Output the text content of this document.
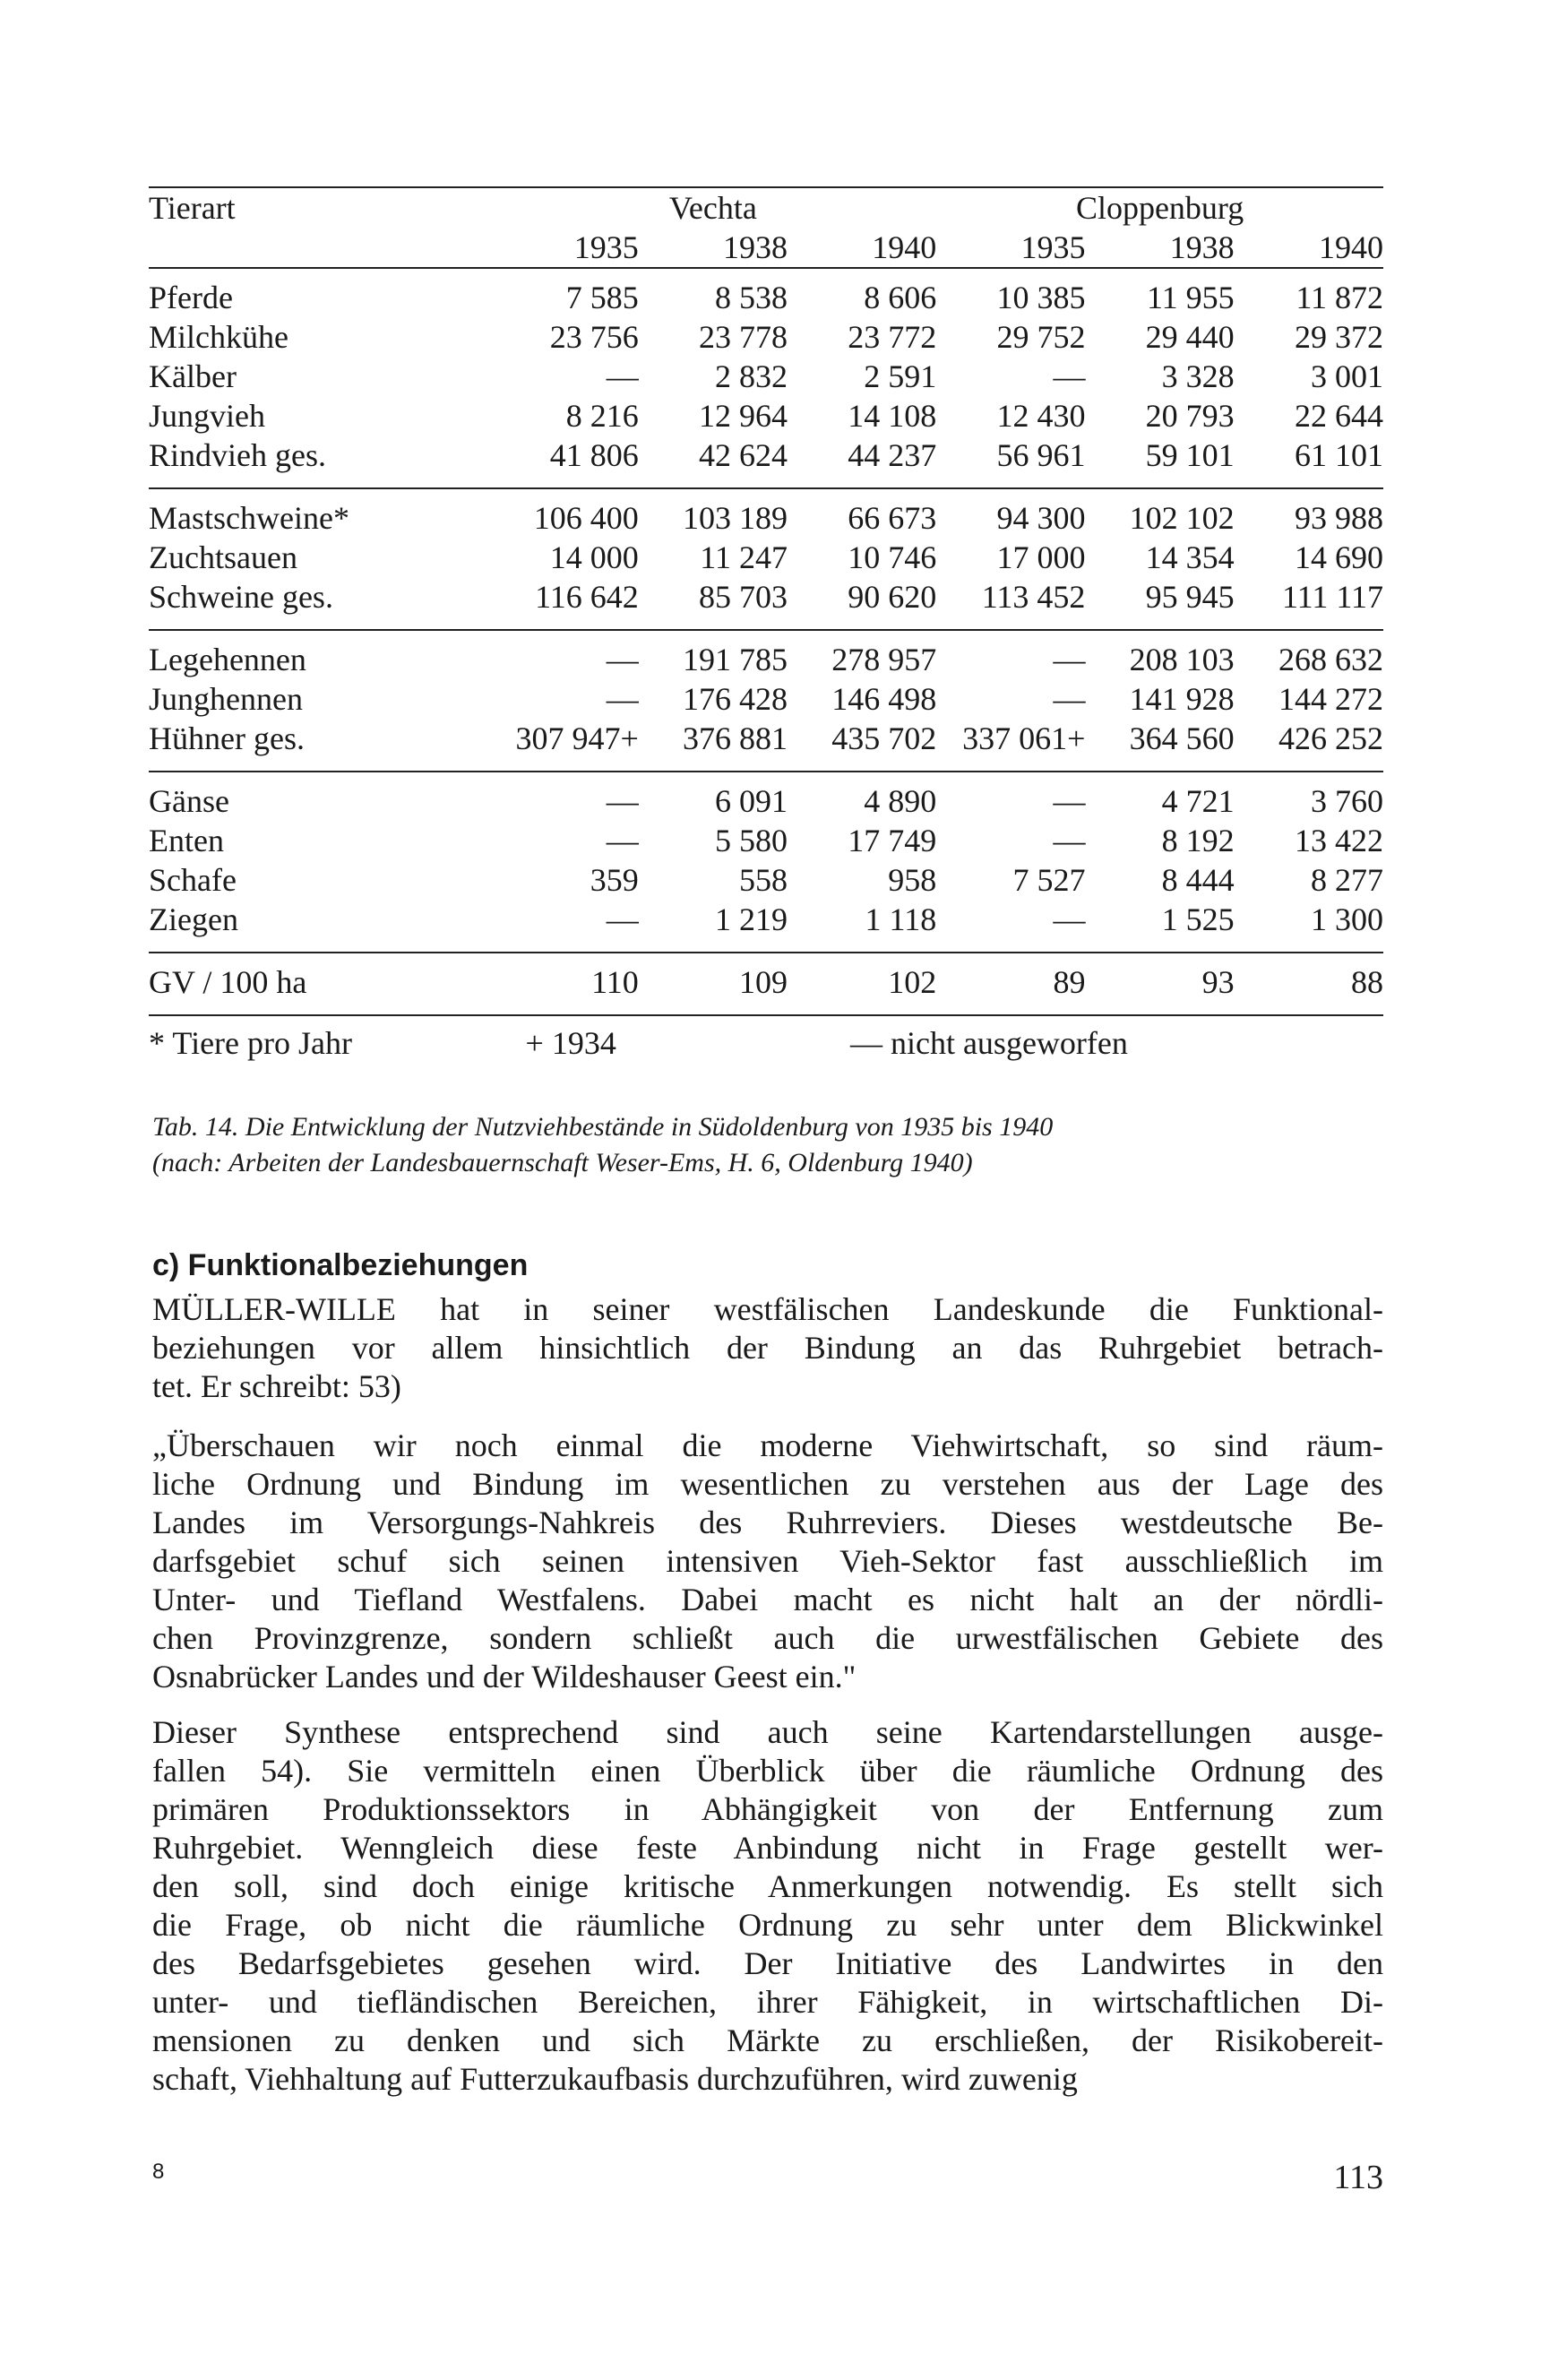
Tierart	Vechta			Cloppenburg		
	1935	1938	1940	1935	1938	1940
Pferde	7 585	8 538	8 606	10 385	11 955	11 872
Milchkühe	23 756	23 778	23 772	29 752	29 440	29 372
Kälber	—	2 832	2 591	—	3 328	3 001
Jungvieh	8 216	12 964	14 108	12 430	20 793	22 644
Rindvieh ges.	41 806	42 624	44 237	56 961	59 101	61 101
Mastschweine*	106 400	103 189	66 673	94 300	102 102	93 988
Zuchtsauen	14 000	11 247	10 746	17 000	14 354	14 690
Schweine ges.	116 642	85 703	90 620	113 452	95 945	111 117
Legehennen	—	191 785	278 957	—	208 103	268 632
Junghennen	—	176 428	146 498	—	141 928	144 272
Hühner ges.	307 947+	376 881	435 702	337 061+	364 560	426 252
Gänse	—	6 091	4 890	—	4 721	3 760
Enten	—	5 580	17 749	—	8 192	13 422
Schafe	359	558	958	7 527	8 444	8 277
Ziegen	—	1 219	1 118	—	1 525	1 300
GV / 100 ha	110	109	102	89	93	88
* Tiere pro Jahr	+ 1934		— nicht ausgeworfen			
Tab. 14. Die Entwicklung der Nutzviehbestände in Südoldenburg von 1935 bis 1940
(nach: Arbeiten der Landesbauernschaft Weser-Ems, H. 6, Oldenburg 1940)
c) Funktionalbeziehungen
MÜLLER-WILLE hat in seiner westfälischen Landeskunde die Funktional-
beziehungen vor allem hinsichtlich der Bindung an das Ruhrgebiet betrach-
tet. Er schreibt: 53)
„Überschauen wir noch einmal die moderne Viehwirtschaft, so sind räum-
liche Ordnung und Bindung im wesentlichen zu verstehen aus der Lage des
Landes im Versorgungs-Nahkreis des Ruhrreviers. Dieses westdeutsche Be-
darfsgebiet schuf sich seinen intensiven Vieh-Sektor fast ausschließlich im
Unter- und Tiefland Westfalens. Dabei macht es nicht halt an der nördli-
chen Provinzgrenze, sondern schließt auch die urwestfälischen Gebiete des
Osnabrücker Landes und der Wildeshauser Geest ein."
Dieser Synthese entsprechend sind auch seine Kartendarstellungen ausge-
fallen 54). Sie vermitteln einen Überblick über die räumliche Ordnung des
primären Produktionssektors in Abhängigkeit von der Entfernung zum
Ruhrgebiet. Wenngleich diese feste Anbindung nicht in Frage gestellt wer-
den soll, sind doch einige kritische Anmerkungen notwendig. Es stellt sich
die Frage, ob nicht die räumliche Ordnung zu sehr unter dem Blickwinkel
des Bedarfsgebietes gesehen wird. Der Initiative des Landwirtes in den
unter- und tiefländischen Bereichen, ihrer Fähigkeit, in wirtschaftlichen Di-
mensionen zu denken und sich Märkte zu erschließen, der Risikobereit-
schaft, Viehhaltung auf Futterzukaufbasis durchzuführen, wird zuwenig
8	113
